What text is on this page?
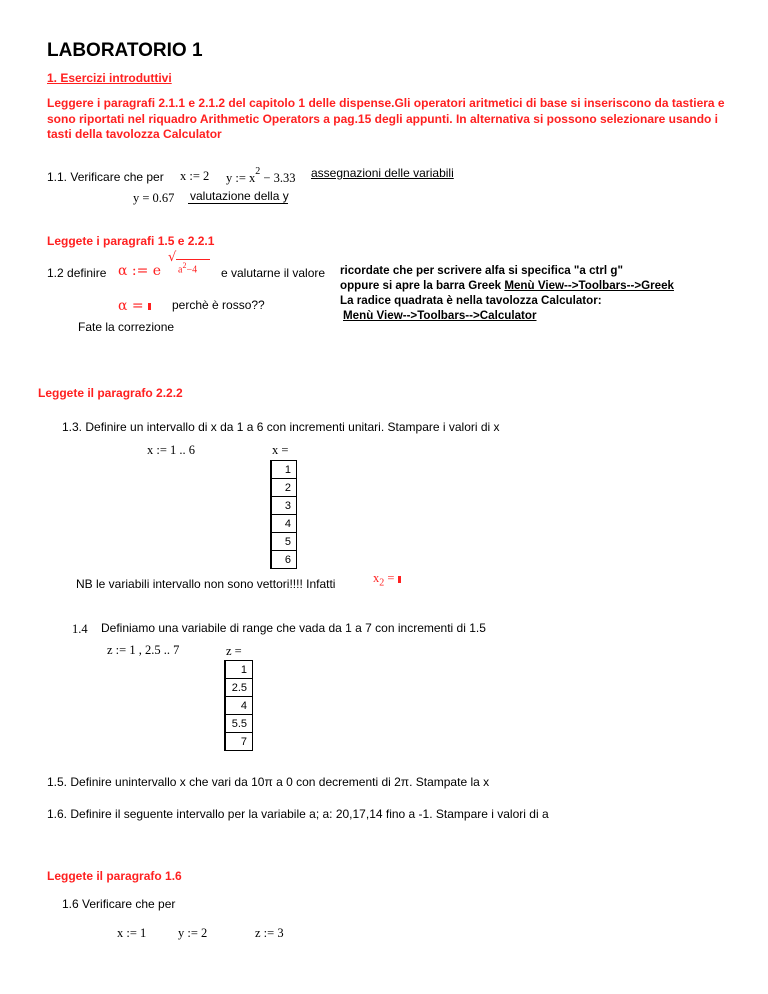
LABORATORIO 1
1. Esercizi introduttivi
Leggere i paragrafi 2.1.1 e 2.1.2 del capitolo 1 delle dispense.Gli operatori aritmetici di base si inseriscono da tastiera e sono riportati nel riquadro Arithmetic Operators a pag.15 degli appunti. In alternativa si possono selezionare usando i tasti della tavolozza Calculator
1.1. Verificare che per x := 2 y := $x^2 - 3.33$ assegnazioni delle variabili
y = 0.67 valutazione della y
Leggete i paragrafi 1.5 e 2.2.1
1.2 definire α := e
√
$a^2-4$ e valutarne il valore
α =	perchè è rosso??
Fate la correzione
ricordate che per scrivere alfa si specifica "a ctrl g"
oppure si apre la barra Greek Menù View-->Toolbars-->Greek
La radice quadrata è nella tavolozza Calculator:
Menù View-->Toolbars-->Calculator
Leggete il paragrafo 2.2.2
1.3. Definire un intervallo di x da 1 a 6 con incrementi unitari. Stampare i valori di x
x := 1 .. 6	x =
1
2
3
4
5
6
NB le variabili intervallo non sono vettori!!!! Infatti	$x_2$ =
1.4 Definiamo una variabile di range che vada da 1 a 7 con incrementi di 1.5
z := 1 , 2.5 .. 7	z =
1
2.5
4
5.5
7
1.5. Definire unintervallo x che vari da 10π a 0 con decrementi di 2π. Stampate la x
1.6. Definire il seguente intervallo per la variabile a; a: 20,17,14 fino a -1. Stampare i valori di a
Leggete il paragrafo 1.6
1.6 Verificare che per
x := 1	y := 2	z := 3
